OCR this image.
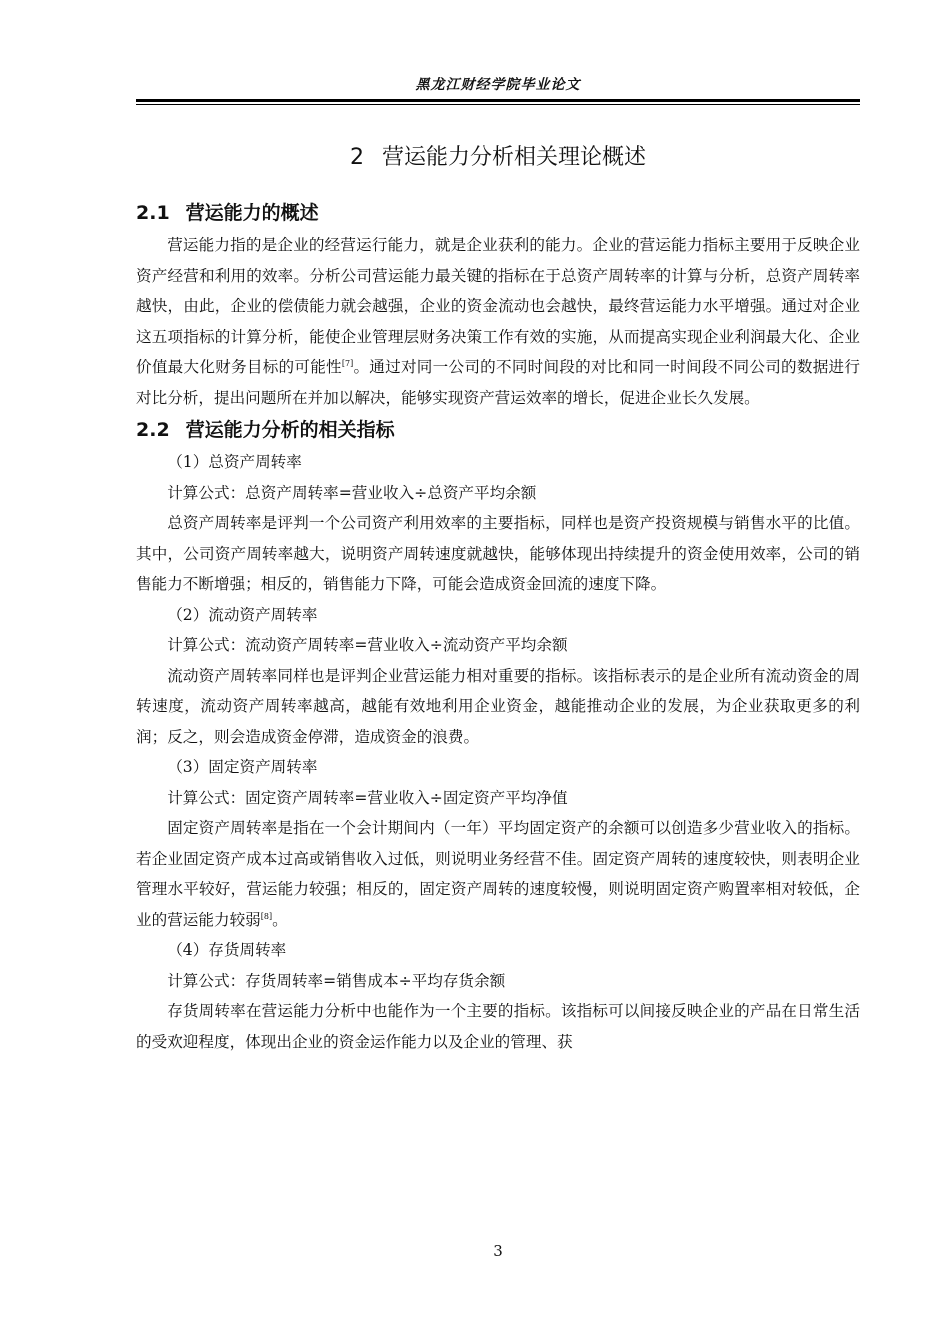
黑龙江财经学院毕业论文
2 营运能力分析相关理论概述
2.1 营运能力的概述

营运能力指的是企业的经营运行能力，就是企业获利的能力。企业的营运能力指标主要用于反映企业资产经营和利用的效率。分析公司营运能力最关键的指标在于总资产周转率的计算与分析，总资产周转率越快，由此，企业的偿债能力就会越强，企业的资金流动也会越快，最终营运能力水平增强。通过对企业这五项指标的计算分析，能使企业管理层财务决策工作有效的实施，从而提高实现企业利润最大化、企业价值最大化财务目标的可能性[7]。通过对同一公司的不同时间段的对比和同一时间段不同公司的数据进行对比分析，提出问题所在并加以解决，能够实现资产营运效率的增长，促进企业长久发展。

2.2 营运能力分析的相关指标

（1）总资产周转率

计算公式：总资产周转率=营业收入÷总资产平均余额

总资产周转率是评判一个公司资产利用效率的主要指标，同样也是资产投资规模与销售水平的比值。其中，公司资产周转率越大，说明资产周转速度就越快，能够体现出持续提升的资金使用效率，公司的销售能力不断增强；相反的，销售能力下降，可能会造成资金回流的速度下降。

（2）流动资产周转率

计算公式：流动资产周转率=营业收入÷流动资产平均余额

流动资产周转率同样也是评判企业营运能力相对重要的指标。该指标表示的是企业所有流动资金的周转速度，流动资产周转率越高，越能有效地利用企业资金，越能推动企业的发展，为企业获取更多的利润；反之，则会造成资金停滞，造成资金的浪费。

（3）固定资产周转率

计算公式：固定资产周转率=营业收入÷固定资产平均净值

固定资产周转率是指在一个会计期间内（一年）平均固定资产的余额可以创造多少营业收入的指标。若企业固定资产成本过高或销售收入过低，则说明业务经营不佳。固定资产周转的速度较快，则表明企业管理水平较好，营运能力较强；相反的，固定资产周转的速度较慢，则说明固定资产购置率相对较低，企业的营运能力较弱[8]。

（4）存货周转率

计算公式：存货周转率=销售成本÷平均存货余额

存货周转率在营运能力分析中也能作为一个主要的指标。该指标可以间接反映企业的产品在日常生活的受欢迎程度，体现出企业的资金运作能力以及企业的管理、获

3
